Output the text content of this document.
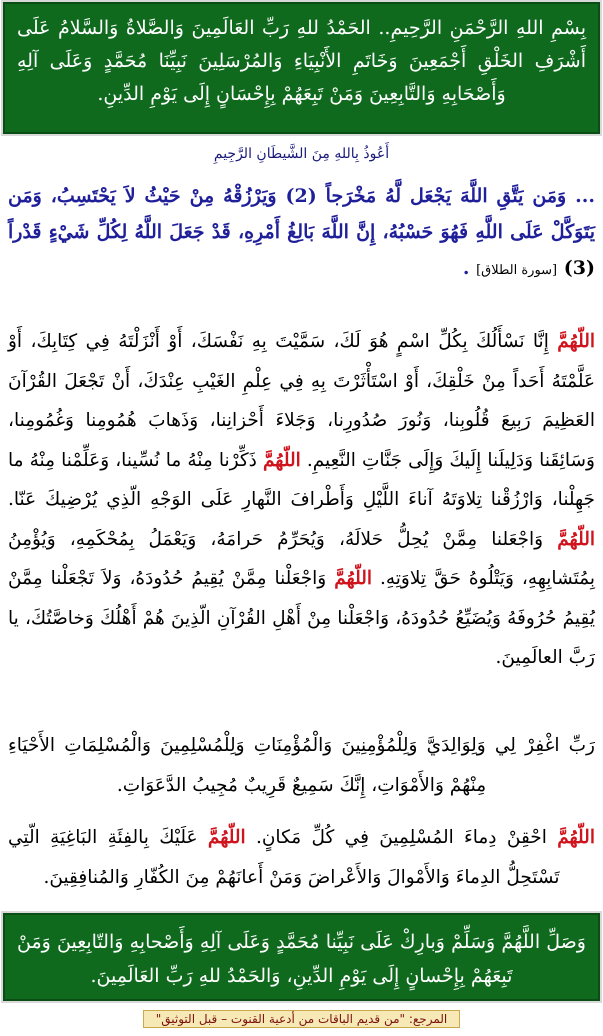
بِسْمِ اللهِ الرَّحْمَنِ الرَّحِيمِ.. الحَمْدُ للهِ رَبِّ العَالَمِينَ وَالصَّلاةُ وَالسَّلامُ عَلَى أَشْرَفِ الخَلْقِ أَجْمَعِينَ وَخَاتَمِ الأَنْبِيَاءِ وَالمُرْسَلِينَ نَبِيِّنَا مُحَمَّدٍ وَعَلَى آلِهِ وَأَصْحَابِهِ وَالتَّابِعِينَ وَمَنْ تَبِعَهُمْ بِإِحْسَانٍ إِلَى يَوْمِ الدِّينِ.
أَعُوذُ بِاللهِ مِنَ الشَّيطَانِ الرَّجِيمِ
... وَمَن يَتَّقِ اللَّهَ يَجْعَل لَّهُ مَخْرَجاً (2) وَيَرْزُقْهُ مِنْ حَيْثُ لاَ يَحْتَسِبُ، وَمَن يَتَوَكَّلْ عَلَى اللَّهِ فَهُوَ حَسْبُهُ، إِنَّ اللَّهَ بَالِغُ أَمْرِهِ، قَدْ جَعَلَ اللَّهُ لِكُلِّ شَيْءٍ قَدْراً (3) [سورة الطلاق] .
اللّهُمَّ إِنَّا نَسْأَلُكَ بِكُلِّ اسْمٍ هُوَ لَكَ، سَمَّيْتَ بِهِ نَفْسَكَ، أَوْ أَنْزَلْتَهُ فِي كِتَابِكَ، أَوْ عَلَّمْتَهُ أَحَداً مِنْ خَلْقِكَ، أَوْ اسْتَأْثَرْتَ بِهِ فِي عِلْمِ الغَيْبِ عِنْدَكَ، أَنْ تَجْعَلَ القُرْآنَ العَظِيمَ رَبِيعَ قُلُوبِنا، وَنُورَ صُدُورِنا، وَجَلاءَ أَحْزانِنا، وَذَهابَ هُمُومِنا وَغُمُومِنا، وَسَائِقَنا وَدَلِيلَنا إِلَيكَ وَإِلَى جَنَّاتِ النَّعِيمِ. اللّهُمَّ ذَكِّرْنا مِنْهُ ما نُسِّينا، وَعَلِّمْنا مِنْهُ ما جَهِلْنا، وَارْزُقْنا تِلاوَتَهُ آناءَ اللَّيْلِ وَأَطْرافَ النَّهارِ عَلَى الوَجْهِ الّذِي يُرْضِيكَ عَنّا. اللّهُمَّ وَاجْعَلنا مِمَّنْ يُحِلُّ حَلالَهُ، وَيُحَرِّمُ حَرامَهُ، وَيَعْمَلُ بِمُحْكَمِهِ، وَيُؤْمِنُ بِمُتَشابِهِهِ، وَيَتْلُوهُ حَقَّ تِلاوَتِهِ. اللّهُمَّ وَاجْعَلْنا مِمَّنْ يُقِيمُ حُدُودَهُ، وَلاَ تَجْعَلْنا مِمَّنْ يُقِيمُ حُرُوفَهُ وَيُضَيِّعُ حُدُودَهُ، وَاجْعَلْنا مِنْ أَهْلِ القُرْآنِ الّذِينَ هُمْ أَهْلُكَ وَخاصَّتُكَ، يا رَبَّ العالَمِينَ.
رَبِّ اغْفِرْ لِي وَلِوَالِدَيَّ وَلِلْمُؤْمِنِينَ وَالْمُؤْمِنَاتِ وَلِلْمُسْلِمِينَ وَالْمُسْلِمَاتِ الأَحْيَاءِ مِنْهُمْ وَالأَمْوَاتِ، إِنَّكَ سَمِيعٌ قَرِيبٌ مُجِيبُ الدَّعَوَاتِ.
اللّهُمَّ احْقِنْ دِماءَ المُسْلِمِينَ فِي كُلِّ مَكانٍ. اللّهُمَّ عَلَيْكَ بِالفِئَةِ البَاغِيَةِ الّتِي تَسْتَحِلُّ الدِماءَ وَالأَمْوالَ وَالأَعْراضَ وَمَنْ أَعانَهُمْ مِنَ الكُفّارِ وَالمُنافِقِينَ.
وَصَلِّ اللَّهُمَّ وَسَلِّمْ وَبارِكْ عَلَى نَبِيِّنا مُحَمَّدٍ وَعَلَى آلِهِ وَأَصْحابِهِ وَالتّابِعِينَ وَمَنْ تَبِعَهُمْ بِإِحْسانٍ إِلَى يَوْمِ الدِّينِ، وَالحَمْدُ للهِ رَبِّ العَالَمِينَ.
المرجع: "من قديم الباقات من أدعية القنوت – قبل التوثيق"
